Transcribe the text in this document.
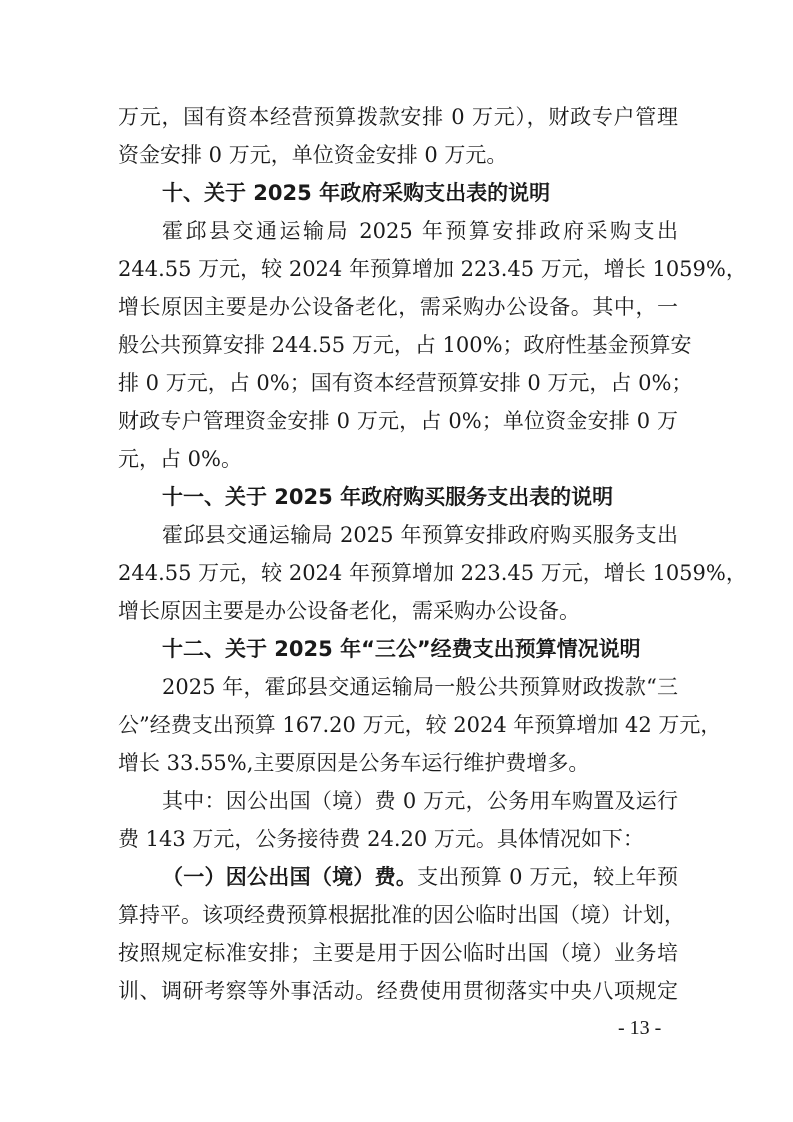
万元，国有资本经营预算拨款安排 0 万元），财政专户管理
资金安排 0 万元，单位资金安排 0 万元。
十、关于 2025 年政府采购支出表的说明
霍邱县交通运输局 2025 年预算安排政府采购支出
244.55 万元，较 2024 年预算增加 223.45 万元，增长 1059%，
增长原因主要是办公设备老化，需采购办公设备。其中，一
般公共预算安排 244.55 万元，占 100%；政府性基金预算安
排 0 万元，占 0%；国有资本经营预算安排 0 万元，占 0%；
财政专户管理资金安排 0 万元，占 0%；单位资金安排 0 万
元，占 0%。
十一、关于 2025 年政府购买服务支出表的说明
霍邱县交通运输局 2025 年预算安排政府购买服务支出
244.55 万元，较 2024 年预算增加 223.45 万元，增长 1059%，
增长原因主要是办公设备老化，需采购办公设备。
十二、关于 2025 年“三公”经费支出预算情况说明
2025 年，霍邱县交通运输局一般公共预算财政拨款“三
公”经费支出预算 167.20 万元，较 2024 年预算增加 42 万元，
增长 33.55%,主要原因是公务车运行维护费增多。
其中：因公出国（境）费 0 万元，公务用车购置及运行
费 143 万元，公务接待费 24.20 万元。具体情况如下：
（一）因公出国（境）费。支出预算 0 万元，较上年预
算持平。该项经费预算根据批准的因公临时出国（境）计划，
按照规定标准安排；主要是用于因公临时出国（境）业务培
训、调研考察等外事活动。经费使用贯彻落实中央八项规定
- 13 -
